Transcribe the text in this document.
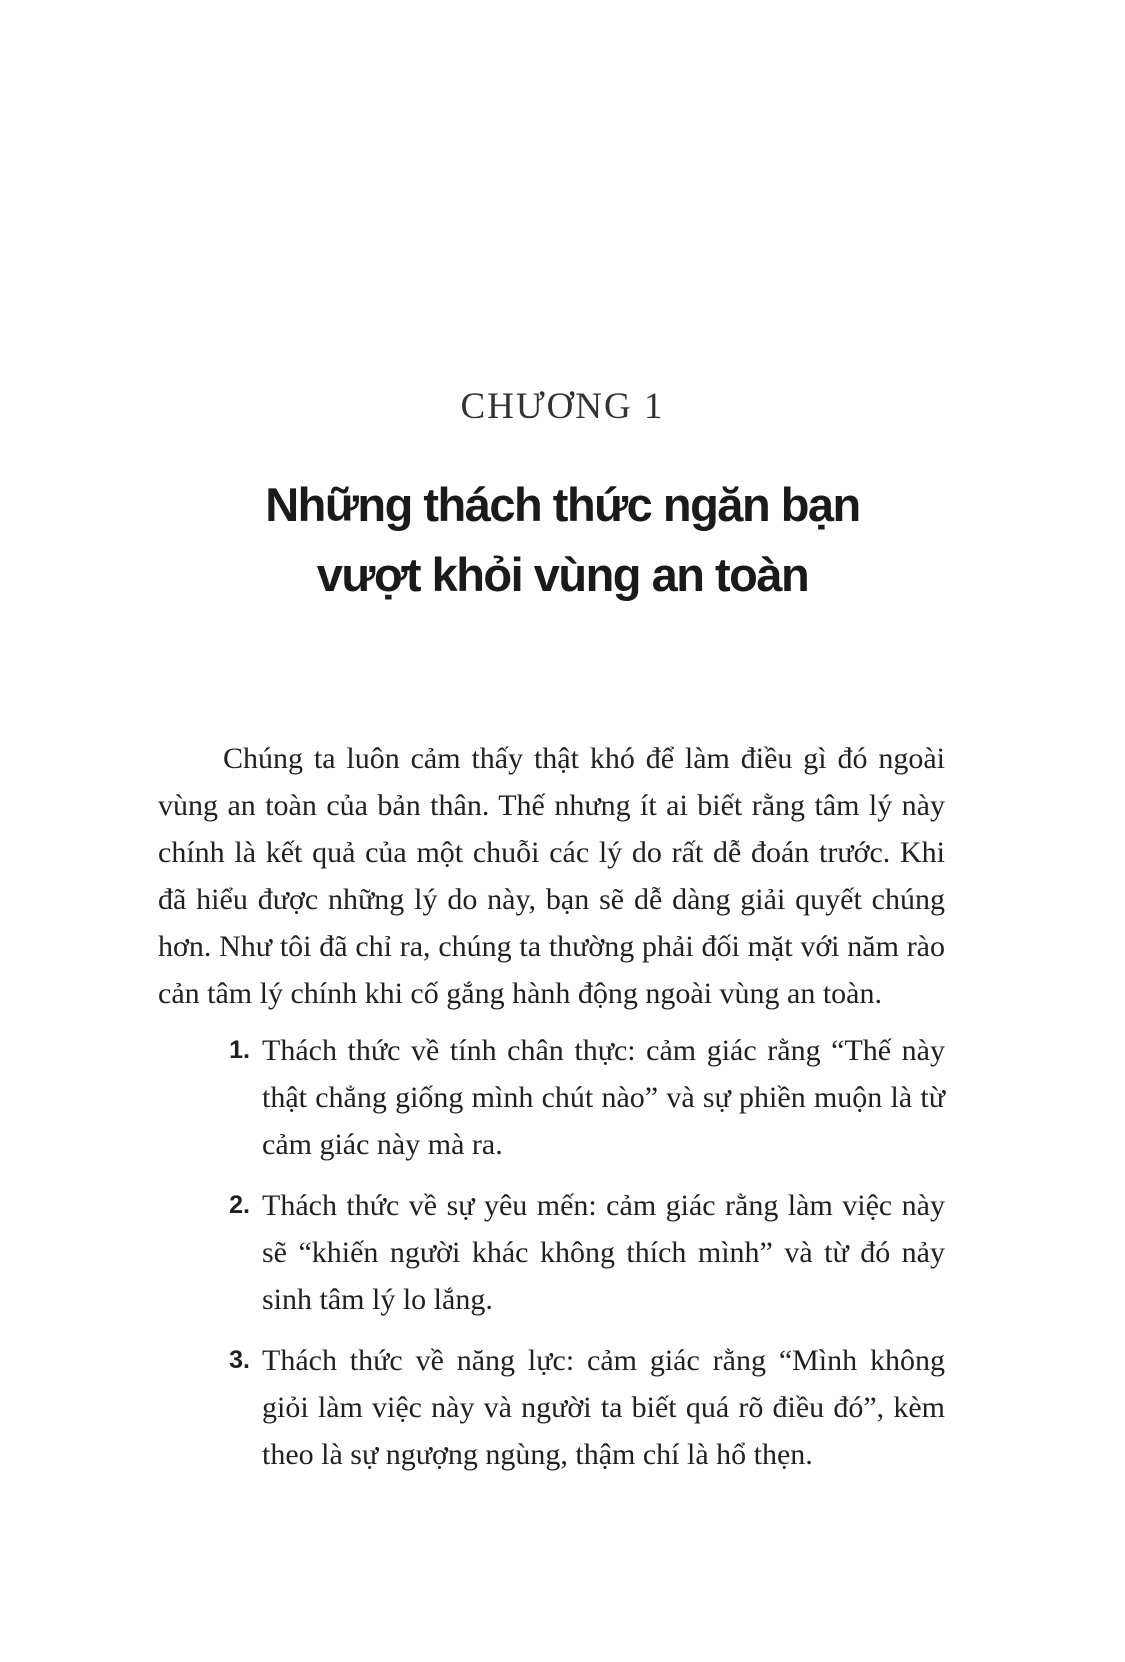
CHƯƠNG 1
Những thách thức ngăn bạn
vượt khỏi vùng an toàn

Chúng ta luôn cảm thấy thật khó để làm điều gì đó ngoài vùng an toàn của bản thân. Thế nhưng ít ai biết rằng tâm lý này chính là kết quả của một chuỗi các lý do rất dễ đoán trước. Khi đã hiểu được những lý do này, bạn sẽ dễ dàng giải quyết chúng hơn. Như tôi đã chỉ ra, chúng ta thường phải đối mặt với năm rào cản tâm lý chính khi cố gắng hành động ngoài vùng an toàn.

1. Thách thức về tính chân thực: cảm giác rằng “Thế này thật chẳng giống mình chút nào” và sự phiền muộn là từ cảm giác này mà ra.
2. Thách thức về sự yêu mến: cảm giác rằng làm việc này sẽ “khiến người khác không thích mình” và từ đó nảy sinh tâm lý lo lắng.
3. Thách thức về năng lực: cảm giác rằng “Mình không giỏi làm việc này và người ta biết quá rõ điều đó”, kèm theo là sự ngượng ngùng, thậm chí là hổ thẹn.
